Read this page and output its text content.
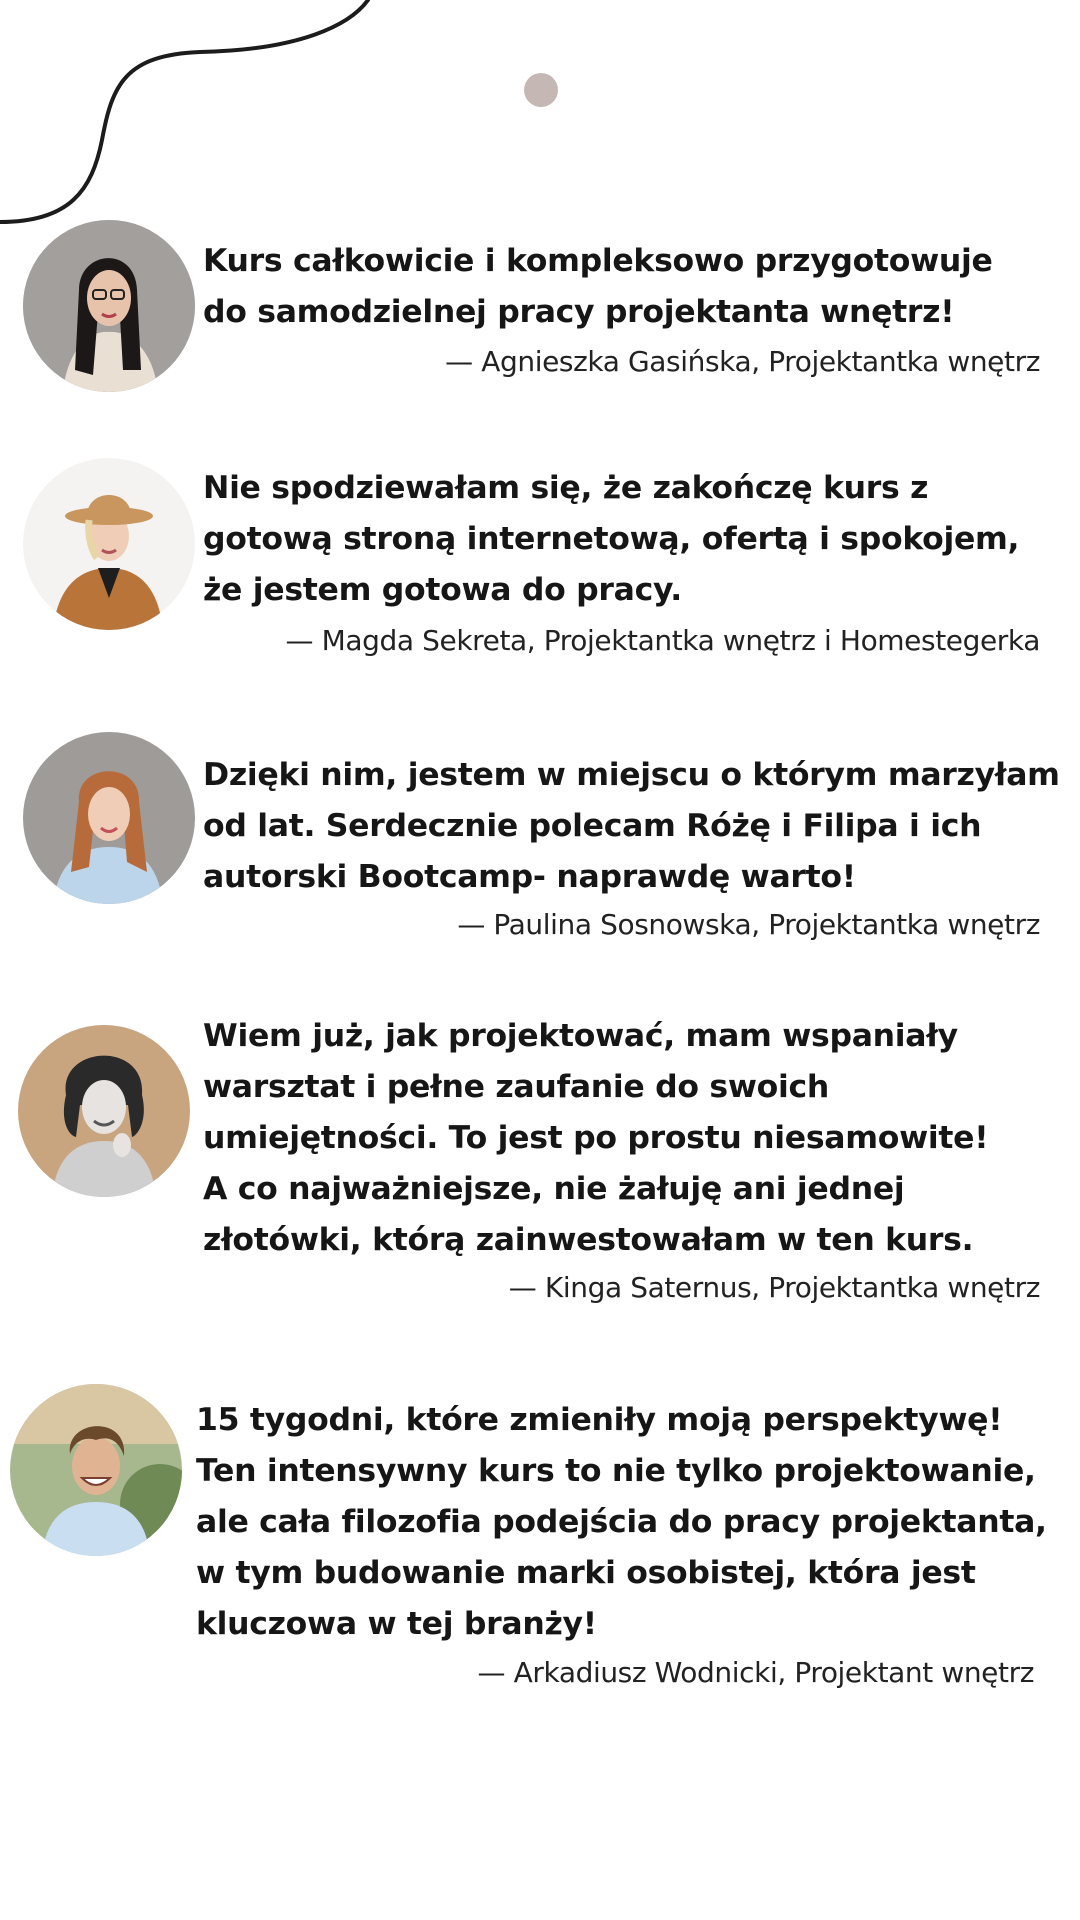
Kurs całkowicie i kompleksowo przygotowuje
do samodzielnej pracy projektanta wnętrz!

— Agnieszka Gasińska, Projektantka wnętrz

Nie spodziewałam się, że zakończę kurs z
gotową stroną internetową, ofertą i spokojem,
że jestem gotowa do pracy.

— Magda Sekreta, Projektantka wnętrz i Homestegerka

Dzięki nim, jestem w miejscu o którym marzyłam
od lat. Serdecznie polecam Różę i Filipa i ich
autorski Bootcamp- naprawdę warto!

— Paulina Sosnowska, Projektantka wnętrz

Wiem już, jak projektować, mam wspaniały
warsztat i pełne zaufanie do swoich
umiejętności. To jest po prostu niesamowite!
A co najważniejsze, nie żałuję ani jednej
złotówki, którą zainwestowałam w ten kurs.

— Kinga Saternus, Projektantka wnętrz

15 tygodni, które zmieniły moją perspektywę!
Ten intensywny kurs to nie tylko projektowanie,
ale cała filozofia podejścia do pracy projektanta,
w tym budowanie marki osobistej, która jest
kluczowa w tej branży!

— Arkadiusz Wodnicki, Projektant wnętrz
